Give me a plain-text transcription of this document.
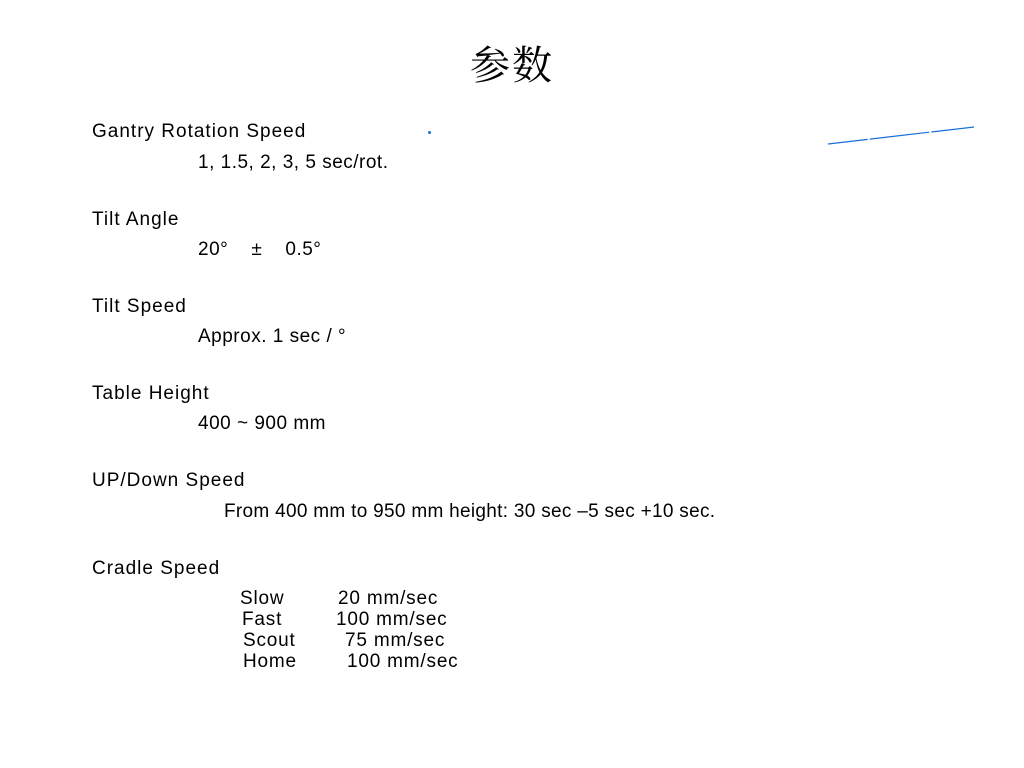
参数
Gantry Rotation Speed
1, 1.5, 2, 3, 5 sec/rot.
Tilt Angle
20°    ±    0.5°
Tilt Speed
Approx. 1 sec / °
Table Height
400 ~ 900 mm
UP/Down Speed
From 400 mm to 950 mm height: 30 sec –5 sec +10 sec.
Cradle Speed
Slow	20 mm/sec
Fast	100 mm/sec
Scout	75 mm/sec
Home	100 mm/sec
